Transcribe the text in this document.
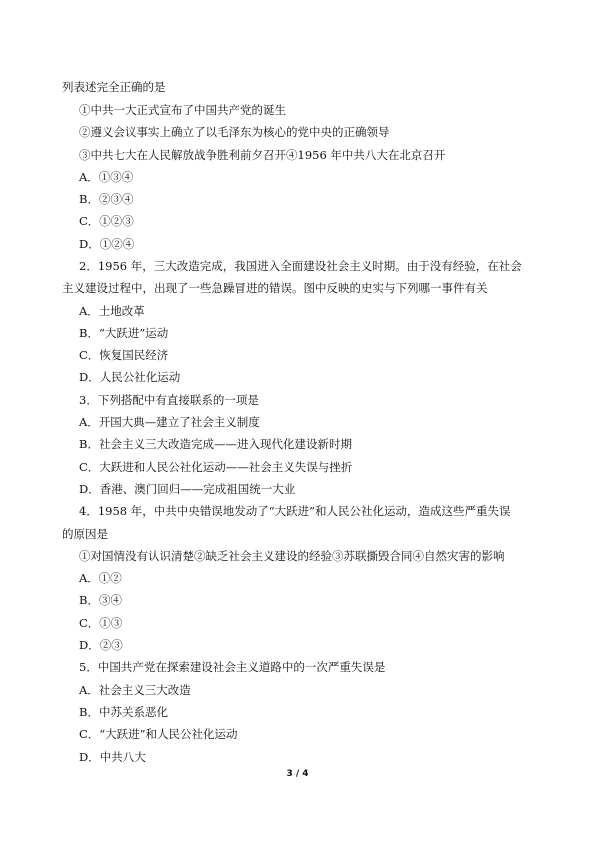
列表述完全正确的是
①中共一大正式宣布了中国共产党的诞生
②遵义会议事实上确立了以毛泽东为核心的党中央的正确领导
③中共七大在人民解放战争胜利前夕召开④1956 年中共八大在北京召开
A．①③④
B．②③④
C．①②③
D．①②④
2．1956 年，三大改造完成，我国进入全面建设社会主义时期。由于没有经验，在社会
主义建设过程中，出现了一些急躁冒进的错误。图中反映的史实与下列哪一事件有关
A．土地改革
B．“大跃进”运动
C．恢复国民经济
D．人民公社化运动
3．下列搭配中有直接联系的一项是
A．开国大典—建立了社会主义制度
B．社会主义三大改造完成——进入现代化建设新时期
C．大跃进和人民公社化运动——社会主义失误与挫折
D．香港、澳门回归——完成祖国统一大业
4．1958 年，中共中央错误地发动了“大跃进”和人民公社化运动，造成这些严重失误
的原因是
①对国情没有认识清楚②缺乏社会主义建设的经验③苏联撕毁合同④自然灾害的影响
A．①②
B．③④
C．①③
D．②③
5．中国共产党在探索建设社会主义道路中的一次严重失误是
A．社会主义三大改造
B．中苏关系恶化
C．“大跃进”和人民公社化运动
D．中共八大
3 / 4
